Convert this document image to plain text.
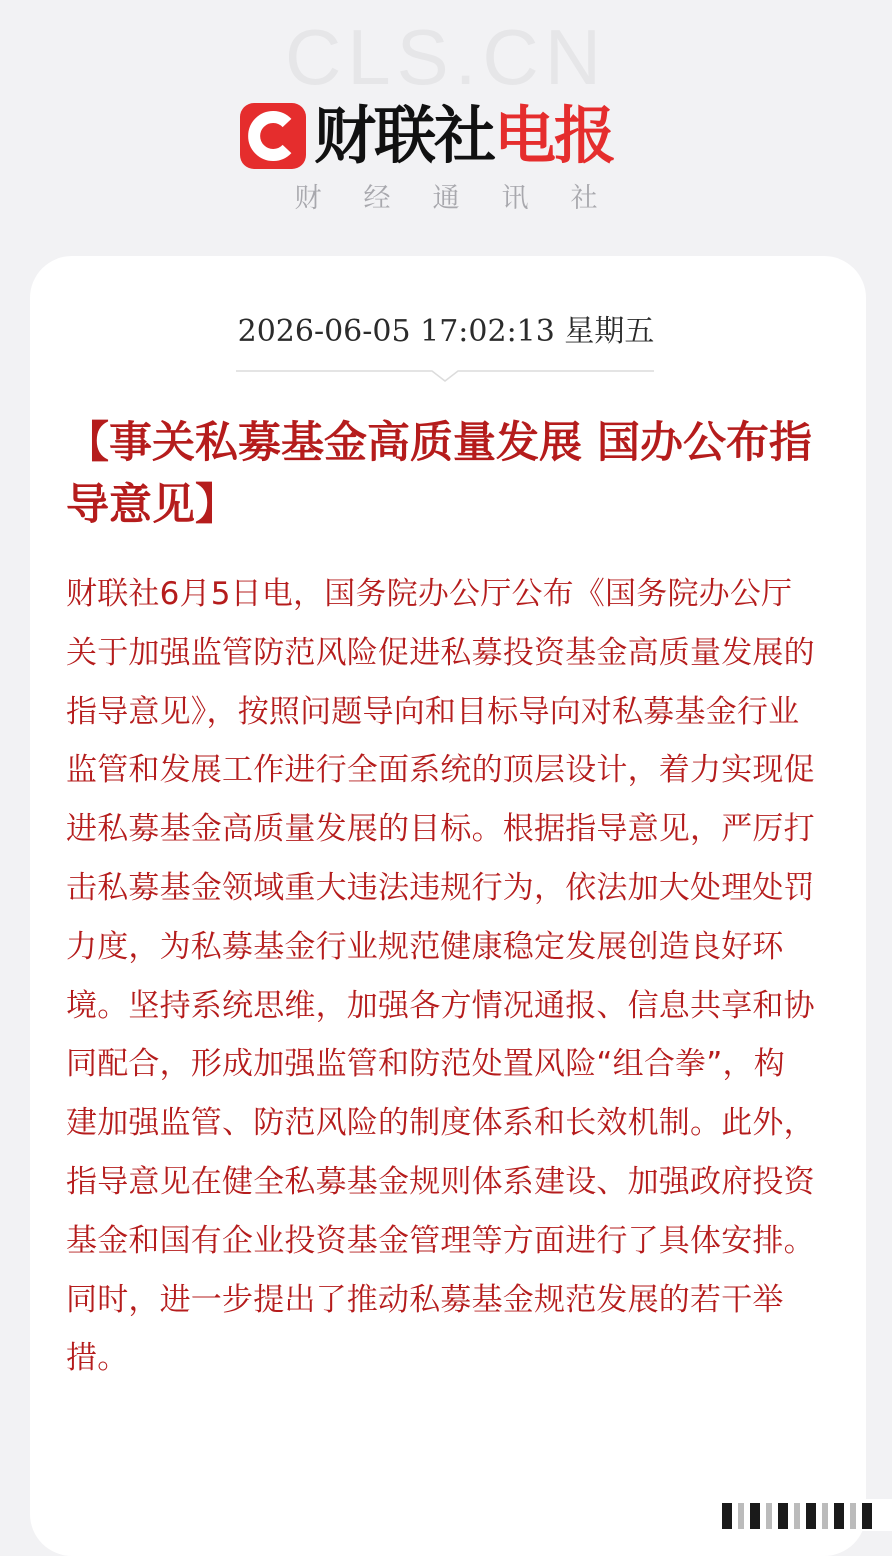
CLS.CN
财联社 电报
财经通讯社
2026-06-05 17:02:13 星期五
【事关私募基金高质量发展 国办公布指导意见】

财联社6月5日电，国务院办公厅公布《国务院办公厅关于加强监管防范风险促进私募投资基金高质量发展的指导意见》，按照问题导向和目标导向对私募基金行业监管和发展工作进行全面系统的顶层设计，着力实现促进私募基金高质量发展的目标。根据指导意见，严厉打击私募基金领域重大违法违规行为，依法加大处理处罚力度，为私募基金行业规范健康稳定发展创造良好环境。坚持系统思维，加强各方情况通报、信息共享和协同配合，形成加强监管和防范处置风险“组合拳”，构建加强监管、防范风险的制度体系和长效机制。此外，指导意见在健全私募基金规则体系建设、加强政府投资基金和国有企业投资基金管理等方面进行了具体安排。同时，进一步提出了推动私募基金规范发展的若干举措。
